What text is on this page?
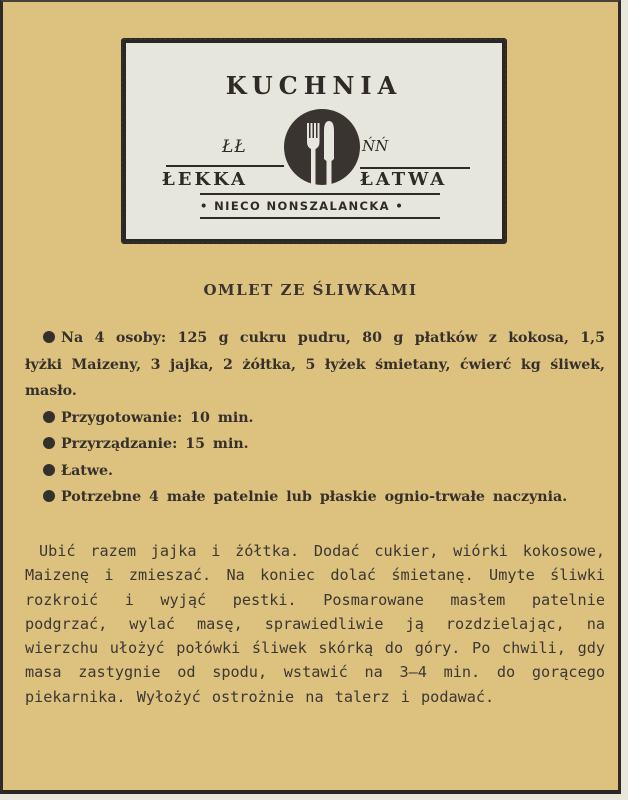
KUCHNIA
ŁŁ	ŃŃ
ŁEKKA	ŁATWA
• NIECO NONSZALANCKA •
OMLET ZE ŚLIWKAMI

Na 4 osoby: 125 g cukru pudru, 80 g płatków z kokosa, 1,5 łyżki Maizeny, 3 jajka, 2 żółtka, 5 łyżek śmietany, ćwierć kg śliwek, masło.

Przygotowanie: 10 min.

Przyrządzanie: 15 min.

Łatwe.

Potrzebne 4 małe patelnie lub płaskie ognio-trwałe naczynia.

Ubić razem jajka i żółtka. Dodać cukier, wiórki kokosowe, Maizenę i zmieszać. Na koniec dolać śmietanę. Umyte śliwki rozkroić i wyjąć pestki. Posmarowane masłem patelnie podgrzać, wylać masę, sprawiedliwie ją rozdzielając, na wierzchu ułożyć połówki śliwek skórką do góry. Po chwili, gdy masa zastygnie od spodu, wstawić na 3—4 min. do gorącego piekarnika. Wyłożyć ostrożnie na talerz i podawać.
